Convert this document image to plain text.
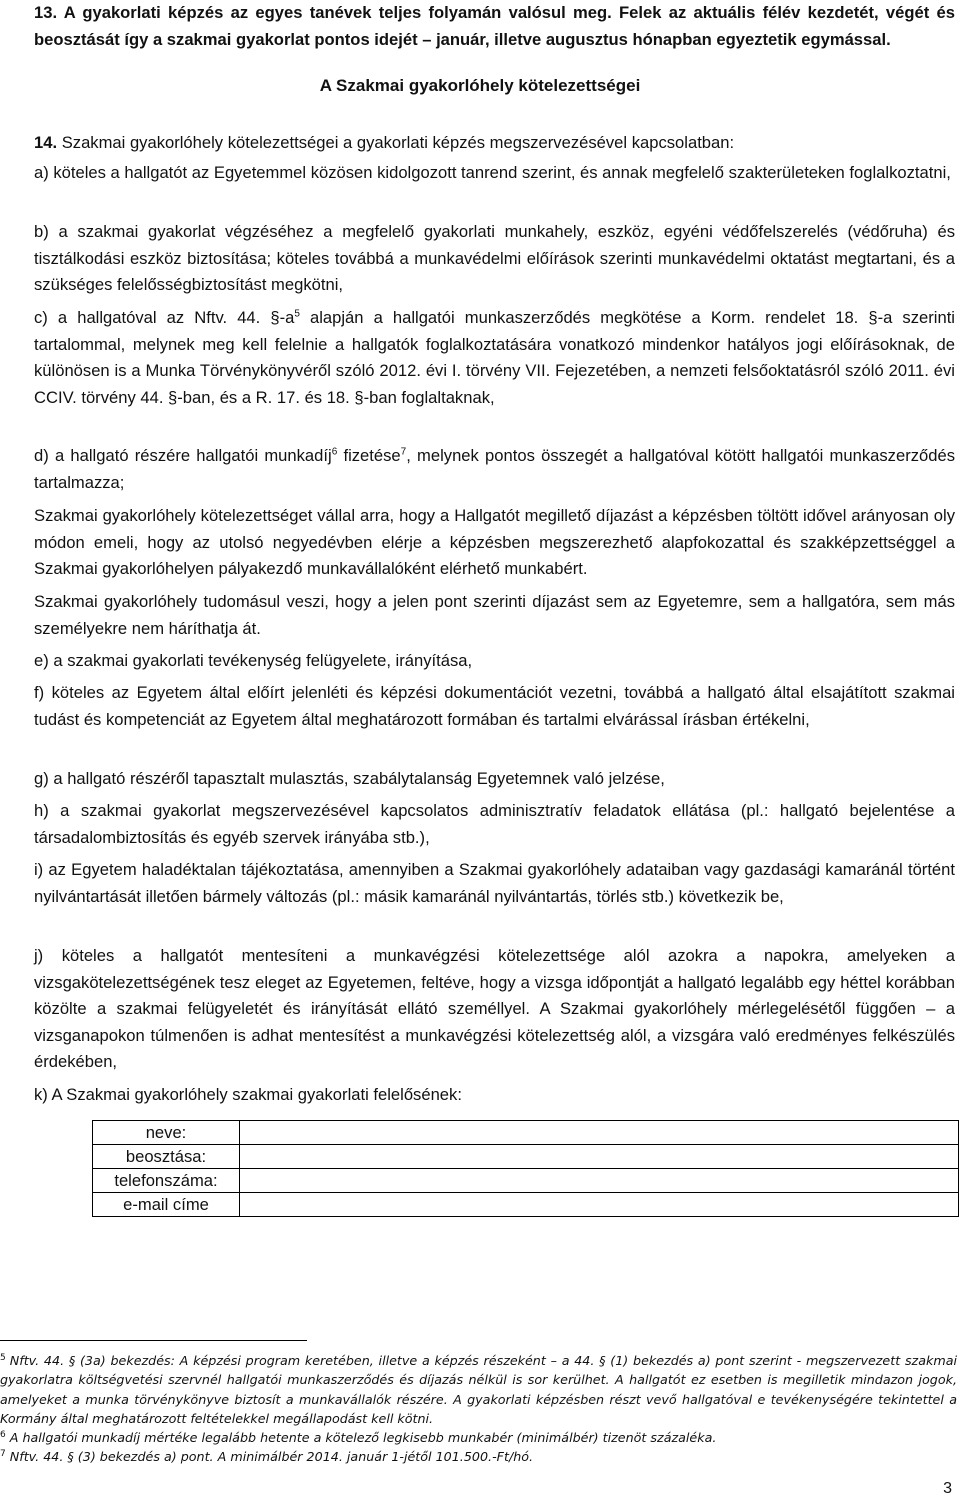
13. A gyakorlati képzés az egyes tanévek teljes folyamán valósul meg. Felek az aktuális félév kezdetét, végét és beosztását így a szakmai gyakorlat pontos idejét – január, illetve augusztus hónapban egyeztetik egymással.

A Szakmai gyakorlóhely kötelezettségei

14. Szakmai gyakorlóhely kötelezettségei a gyakorlati képzés megszervezésével kapcsolatban:

a) köteles a hallgatót az Egyetemmel közösen kidolgozott tanrend szerint, és annak megfelelő szakterületeken foglalkoztatni,

b) a szakmai gyakorlat végzéséhez a megfelelő gyakorlati munkahely, eszköz, egyéni védőfelszerelés (védőruha) és tisztálkodási eszköz biztosítása; köteles továbbá a munkavédelmi előírások szerinti munkavédelmi oktatást megtartani, és a szükséges felelősségbiztosítást megkötni,

c) a hallgatóval az Nftv. 44. $\S-a^5$ alapján a hallgatói munkaszerződés megkötése a Korm. rendelet 18. §-a szerinti tartalommal, melynek meg kell felelnie a hallgatók foglalkoztatására vonatkozó mindenkor hatályos jogi előírásoknak, de különösen is a Munka Törvénykönyvéről szóló 2012. évi I. törvény VII. Fejezetében, a nemzeti felsőoktatásról szóló 2011. évi CCIV. törvény 44. §-ban, és a R. 17. és 18. §-ban foglaltaknak,

d) a hallgató részére hallgatói munkadíj$^6$ fizetése$^7$, melynek pontos összegét a hallgatóval kötött hallgatói munkaszerződés tartalmazza;

Szakmai gyakorlóhely kötelezettséget vállal arra, hogy a Hallgatót megillető díjazást a képzésben töltött idővel arányosan oly módon emeli, hogy az utolsó negyedévben elérje a képzésben megszerezhető alapfokozattal és szakképzettséggel a Szakmai gyakorlóhelyen pályakezdő munkavállalóként elérhető munkabért.

Szakmai gyakorlóhely tudomásul veszi, hogy a jelen pont szerinti díjazást sem az Egyetemre, sem a hallgatóra, sem más személyekre nem háríthatja át.

e) a szakmai gyakorlati tevékenység felügyelete, irányítása,

f) köteles az Egyetem által előírt jelenléti és képzési dokumentációt vezetni, továbbá a hallgató által elsajátított szakmai tudást és kompetenciát az Egyetem által meghatározott formában és tartalmi elvárással írásban értékelni,

g) a hallgató részéről tapasztalt mulasztás, szabálytalanság Egyetemnek való jelzése,

h) a szakmai gyakorlat megszervezésével kapcsolatos adminisztratív feladatok ellátása (pl.: hallgató bejelentése a társadalombiztosítás és egyéb szervek irányába stb.),

i) az Egyetem haladéktalan tájékoztatása, amennyiben a Szakmai gyakorlóhely adataiban vagy gazdasági kamaránál történt nyilvántartását illetően bármely változás (pl.: másik kamaránál nyilvántartás, törlés stb.) következik be,

j) köteles a hallgatót mentesíteni a munkavégzési kötelezettsége alól azokra a napokra, amelyeken a vizsgakötelezettségének tesz eleget az Egyetemen, feltéve, hogy a vizsga időpontját a hallgató legalább egy héttel korábban közölte a szakmai felügyeletét és irányítását ellátó személlyel. A Szakmai gyakorlóhely mérlegelésétől függően – a vizsganapokon túlmenően is adhat mentesítést a munkavégzési kötelezettség alól, a vizsgára való eredményes felkészülés érdekében,

k) A Szakmai gyakorlóhely szakmai gyakorlati felelősének:

neve:	
beosztása:	
telefonszáma:	
e-mail címe	

$^5$ Nftv. 44. § (3a) bekezdés: A képzési program keretében, illetve a képzés részeként – a 44. § (1) bekezdés a) pont szerint - megszervezett szakmai gyakorlatra költségvetési szervnél hallgatói munkaszerződés és díjazás nélkül is sor kerülhet. A hallgatót ez esetben is megilletik mindazon jogok, amelyeket a munka törvénykönyve biztosít a munkavállalók részére. A gyakorlati képzésben részt vevő hallgatóval e tevékenységére tekintettel a Kormány által meghatározott feltételekkel megállapodást kell kötni.

$^6$ A hallgatói munkadíj mértéke legalább hetente a kötelező legkisebb munkabér (minimálbér) tizenöt százaléka.

$^7$ Nftv. 44. § (3) bekezdés a) pont. A minimálbér 2014. január 1-jétől 101.500.-Ft/hó.

3
